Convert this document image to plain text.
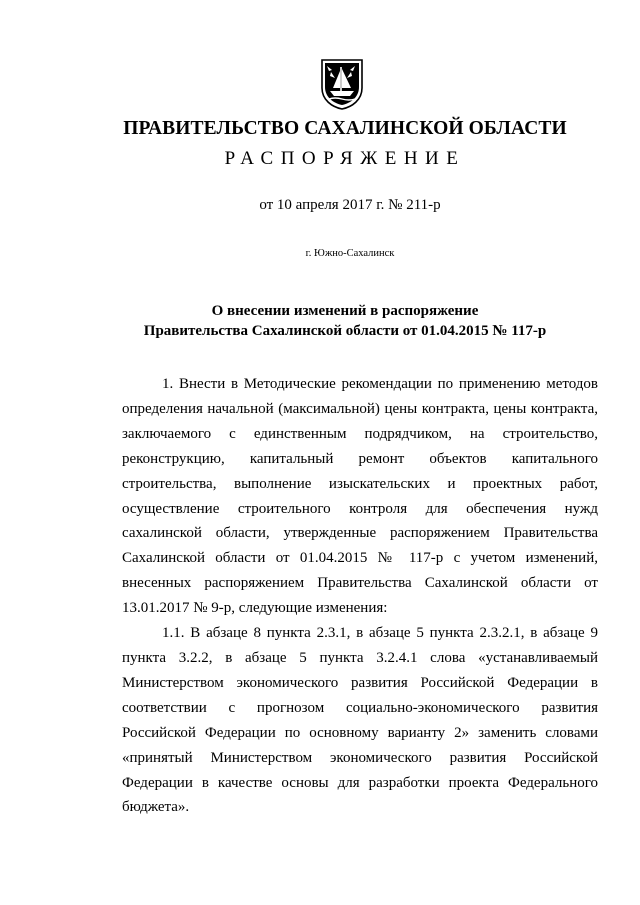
ПРАВИТЕЛЬСТВО САХАЛИНСКОЙ ОБЛАСТИ
РАСПОРЯЖЕНИЕ
от 10 апреля 2017 г. № 211-р
г. Южно-Сахалинск
О внесении изменений в распоряжение
Правительства Сахалинской области от 01.04.2015 № 117-р

1. Внести в Методические рекомендации по применению методов определения начальной (максимальной) цены контракта, цены контракта, заключаемого с единственным подрядчиком, на строительство, реконструкцию, капитальный ремонт объектов капитального строительства, выполнение изыскательских и проектных работ, осуществление строительного контроля для обеспечения нужд сахалинской области, утвержденные распоряжением Правительства Сахалинской области от 01.04.2015 № 117-р с учетом изменений, внесенных распоряжением Правительства Сахалинской области от 13.01.2017 № 9-р, следующие изменения:

1.1. В абзаце 8 пункта 2.3.1, в абзаце 5 пункта 2.3.2.1, в абзаце 9 пункта 3.2.2, в абзаце 5 пункта 3.2.4.1 слова «устанавливаемый Министерством экономического развития Российской Федерации в соответствии с прогнозом социально-экономического развития Российской Федерации по основному варианту 2» заменить словами «принятый Министерством экономического развития Российской Федерации в качестве основы для разработки проекта Федерального бюджета».
